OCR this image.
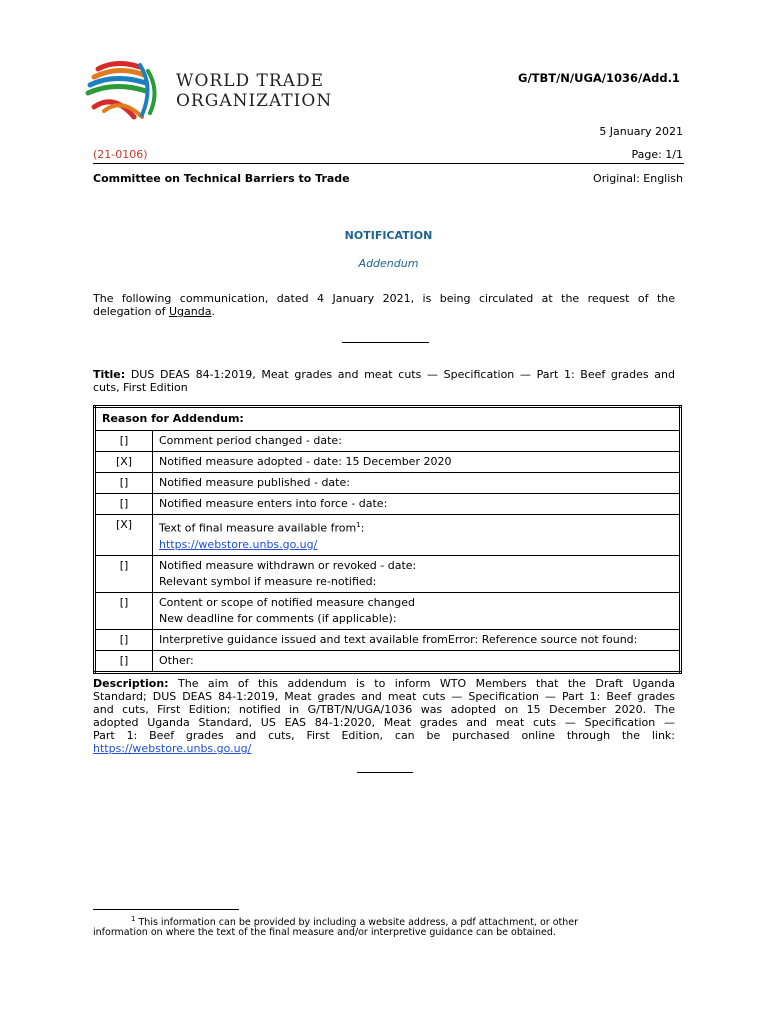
WORLD TRADE
ORGANIZATION
G/TBT/N/UGA/1036/Add.1
5 January 2021
(21-0106)	Page: 1/1
Committee on Technical Barriers to Trade	Original: English
NOTIFICATION
Addendum
The following communication, dated 4 January 2021, is being circulated at the request of the
delegation of Uganda.
Title: DUS DEAS 84-1:2019, Meat grades and meat cuts — Specification — Part 1: Beef grades and
cuts, First Edition
Reason for Addendum:	
[]	Comment period changed - date:
[X]	Notified measure adopted - date: 15 December 2020
[]	Notified measure published - date:
[]	Notified measure enters into force - date:
[X]	Text of final measure available from$^1$:
https://webstore.unbs.go.ug/
[]	Notified measure withdrawn or revoked - date:
Relevant symbol if measure re-notified:

[]	Content or scope of notified measure changed
New deadline for comments (if applicable):

[]	Interpretive guidance issued and text available fromError: Reference source not found:
[]	Other:
Description: The aim of this addendum is to inform WTO Members that the Draft Uganda
Standard; DUS DEAS 84-1:2019, Meat grades and meat cuts — Specification — Part 1: Beef grades
and cuts, First Edition; notified in G/TBT/N/UGA/1036 was adopted on 15 December 2020. The
adopted Uganda Standard, US EAS 84-1:2020, Meat grades and meat cuts — Specification —
Part 1: Beef grades and cuts, First Edition, can be purchased online through the link:
https://webstore.unbs.go.ug/
$^1$ This information can be provided by including a website address, a pdf attachment, or other
information on where the text of the final measure and/or interpretive guidance can be obtained.
